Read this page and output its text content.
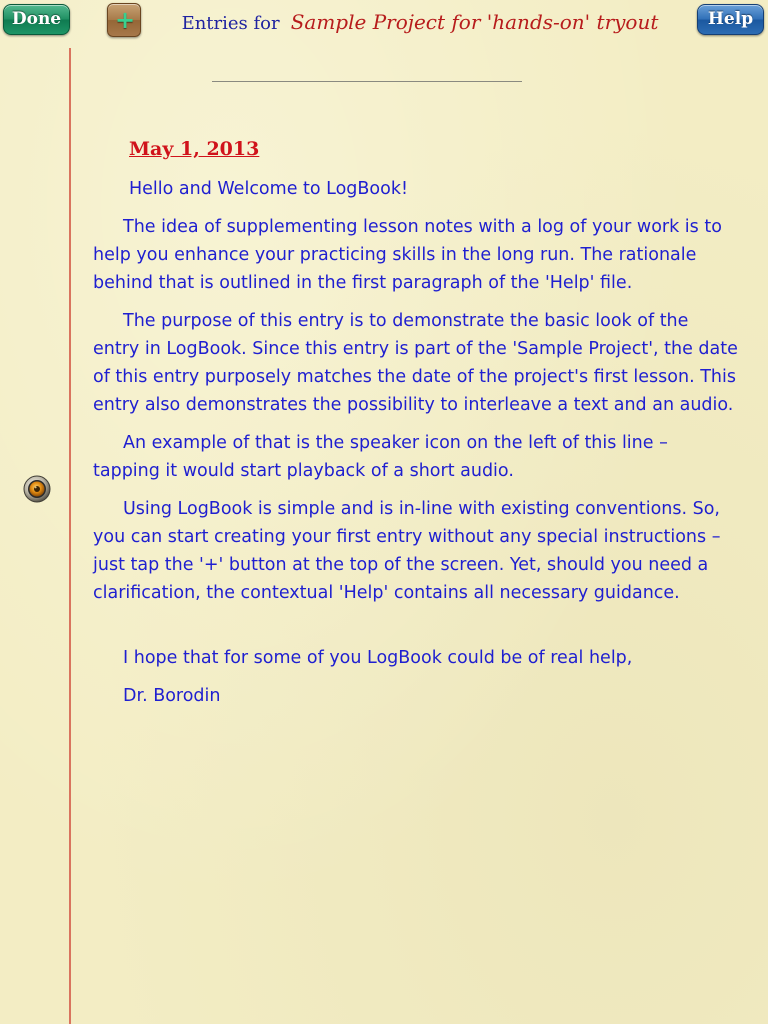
Done	+	Entries for Sample Project for 'hands-on' tryout	Help
May 1, 2013

Hello and Welcome to LogBook!

The idea of supplementing lesson notes with a log of your work is to help you enhance your practicing skills in the long run. The rationale behind that is outlined in the first paragraph of the 'Help' file.

The purpose of this entry is to demonstrate the basic look of the entry in LogBook. Since this entry is part of the 'Sample Project', the date of this entry purposely matches the date of the project's first lesson. This entry also demonstrates the possibility to interleave a text and an audio.

An example of that is the speaker icon on the left of this line – tapping it would start playback of a short audio.

Using LogBook is simple and is in-line with existing conventions. So, you can start creating your first entry without any special instructions – just tap the '+' button at the top of the screen. Yet, should you need a clarification, the contextual 'Help' contains all necessary guidance.

I hope that for some of you LogBook could be of real help,

Dr. Borodin
